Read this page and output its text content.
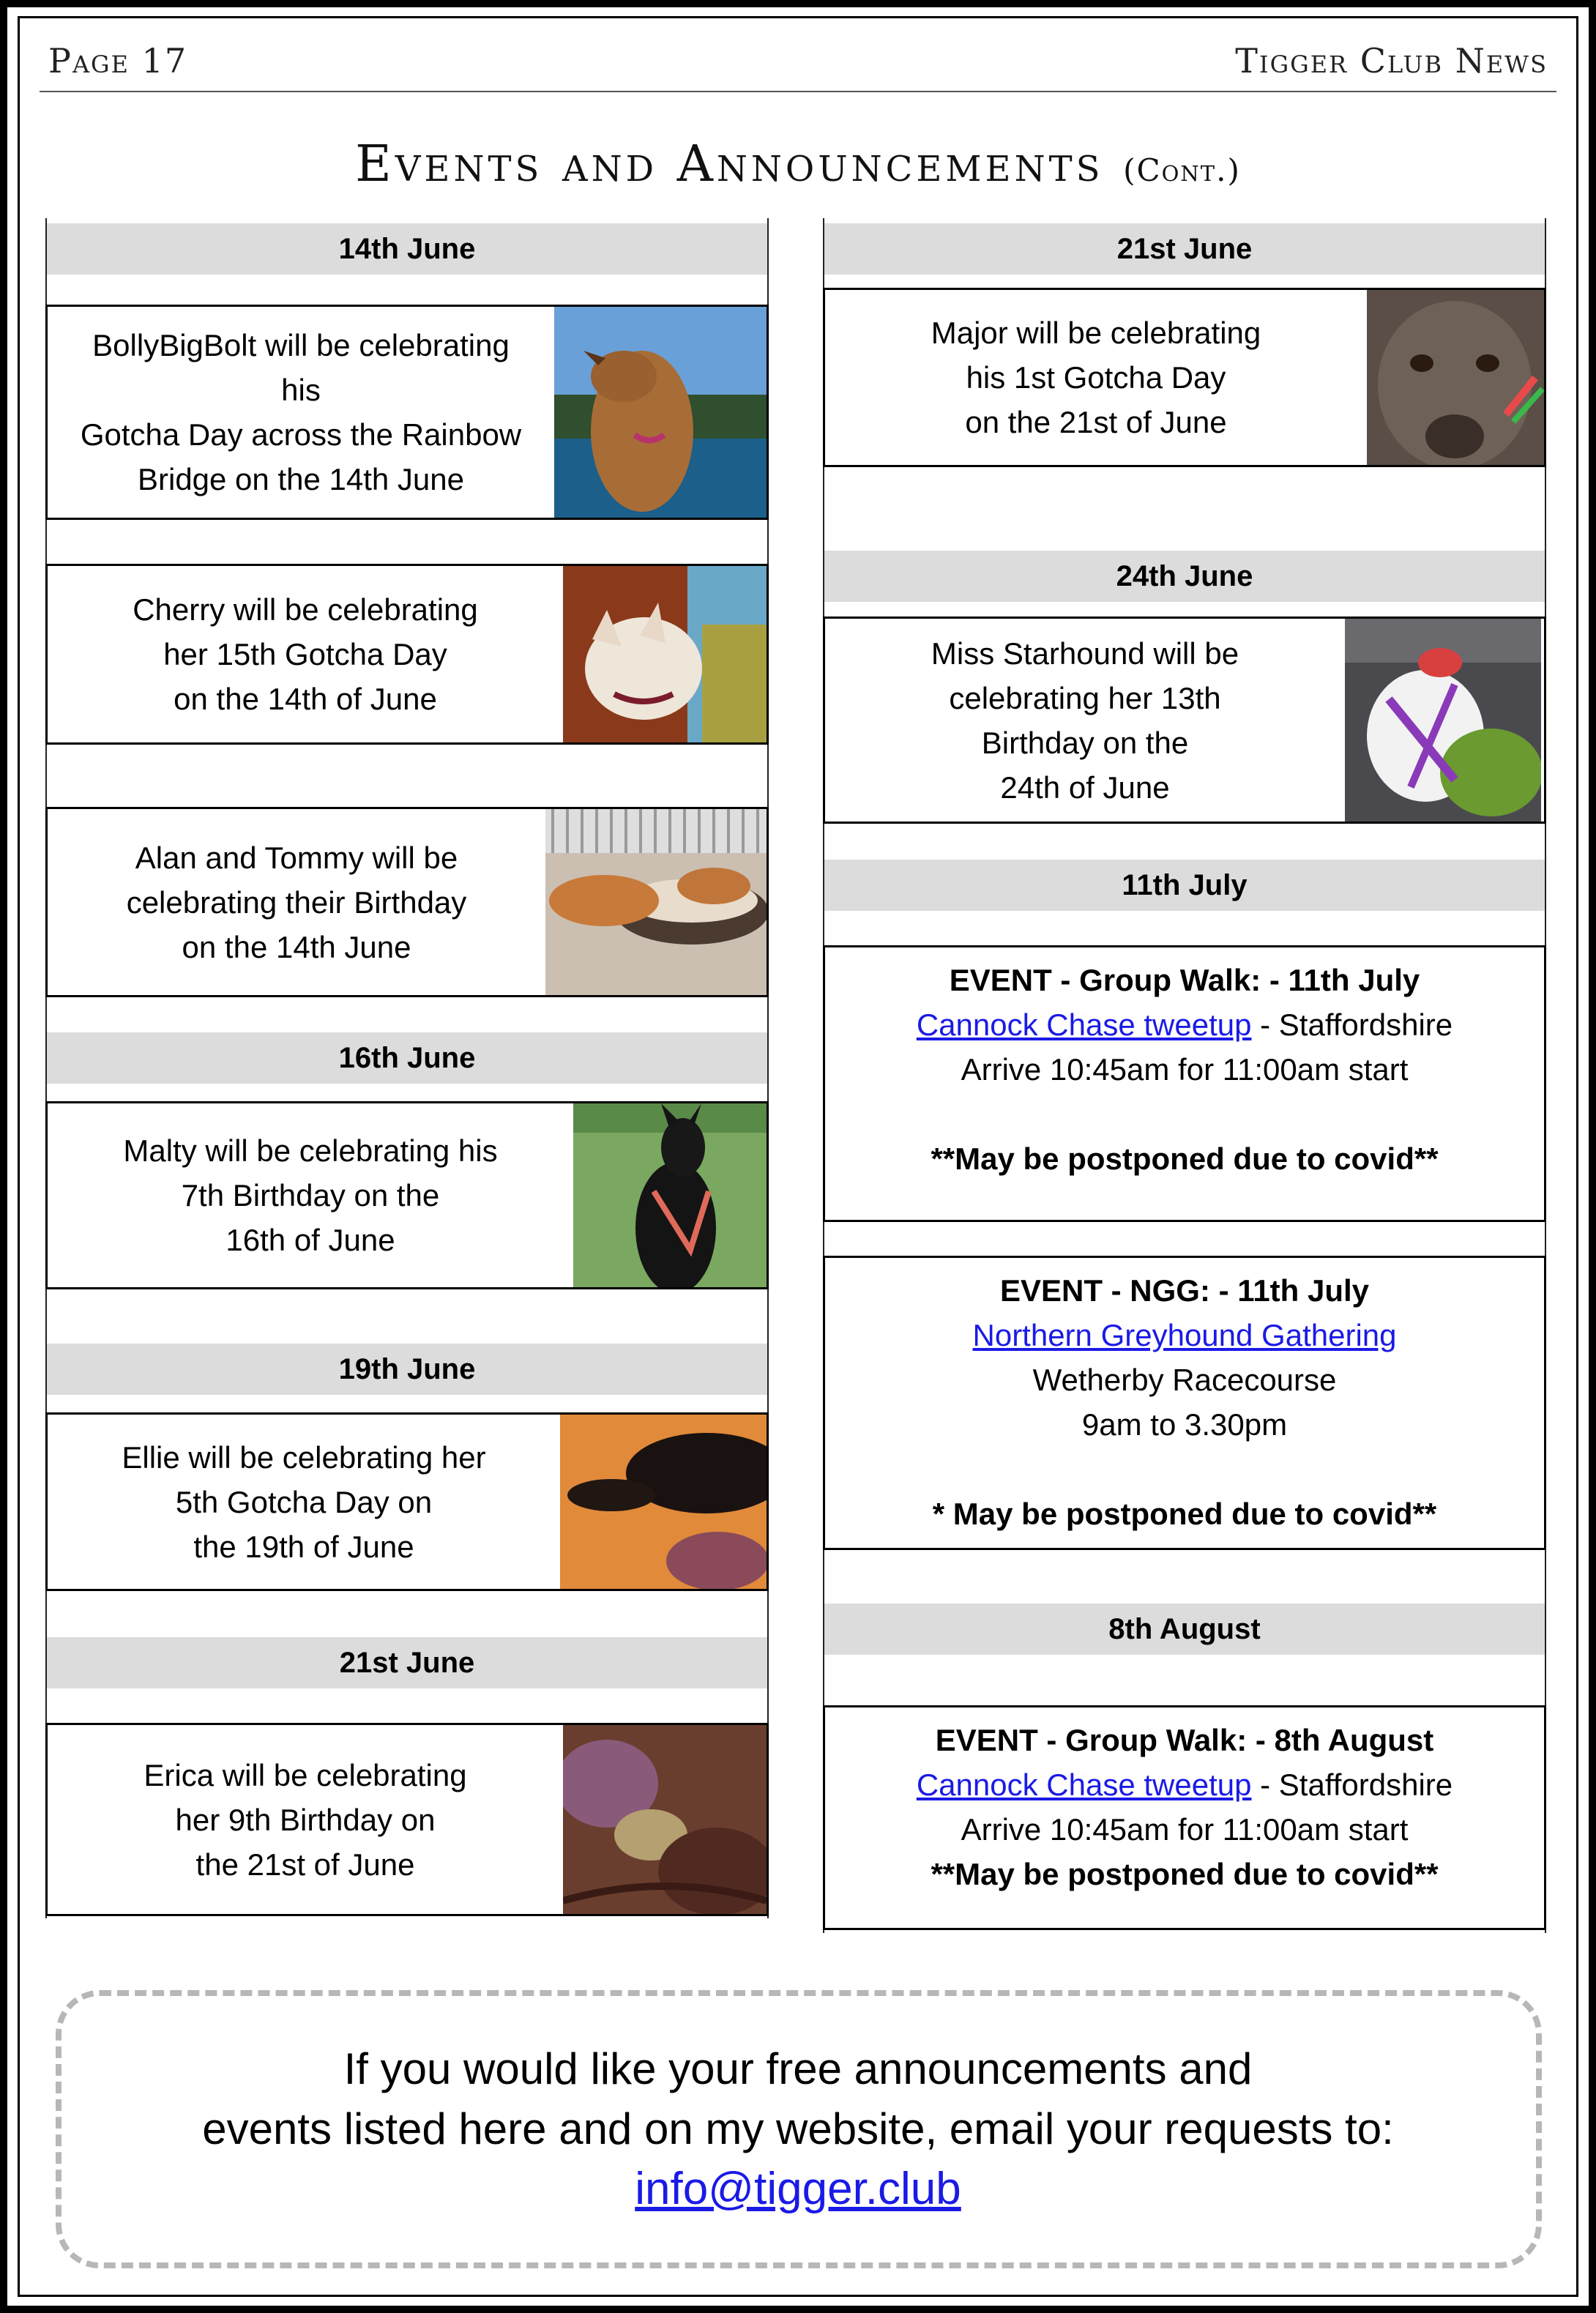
Page 17	Tigger Club News
Events and Announcements (Cont.)
14th June
BollyBigBolt will be celebrating
his
Gotcha Day across the Rainbow
Bridge on the 14th June
Cherry will be celebrating
her 15th Gotcha Day
on the 14th of June
Alan and Tommy will be
celebrating their Birthday
on the 14th June
16th June
Malty will be celebrating his
7th Birthday on the
16th of June
19th June
Ellie will be celebrating her
5th Gotcha Day on
the 19th of June
21st June
Erica will be celebrating
her 9th Birthday on
the 21st of June
21st June
Major will be celebrating
his 1st Gotcha Day
on the 21st of June
24th June
Miss Starhound will be
celebrating her 13th
Birthday on the
24th of June
11th July
EVENT - Group Walk: - 11th July
Cannock Chase tweetup - Staffordshire
Arrive 10:45am for 11:00am start
**May be postponed due to covid**
EVENT - NGG: - 11th July
Northern Greyhound Gathering
Wetherby Racecourse
9am to 3.30pm
* May be postponed due to covid**
8th August
EVENT - Group Walk: - 8th August
Cannock Chase tweetup - Staffordshire
Arrive 10:45am for 11:00am start
**May be postponed due to covid**
If you would like your free announcements and
events listed here and on my website, email your requests to:
info@tigger.club
